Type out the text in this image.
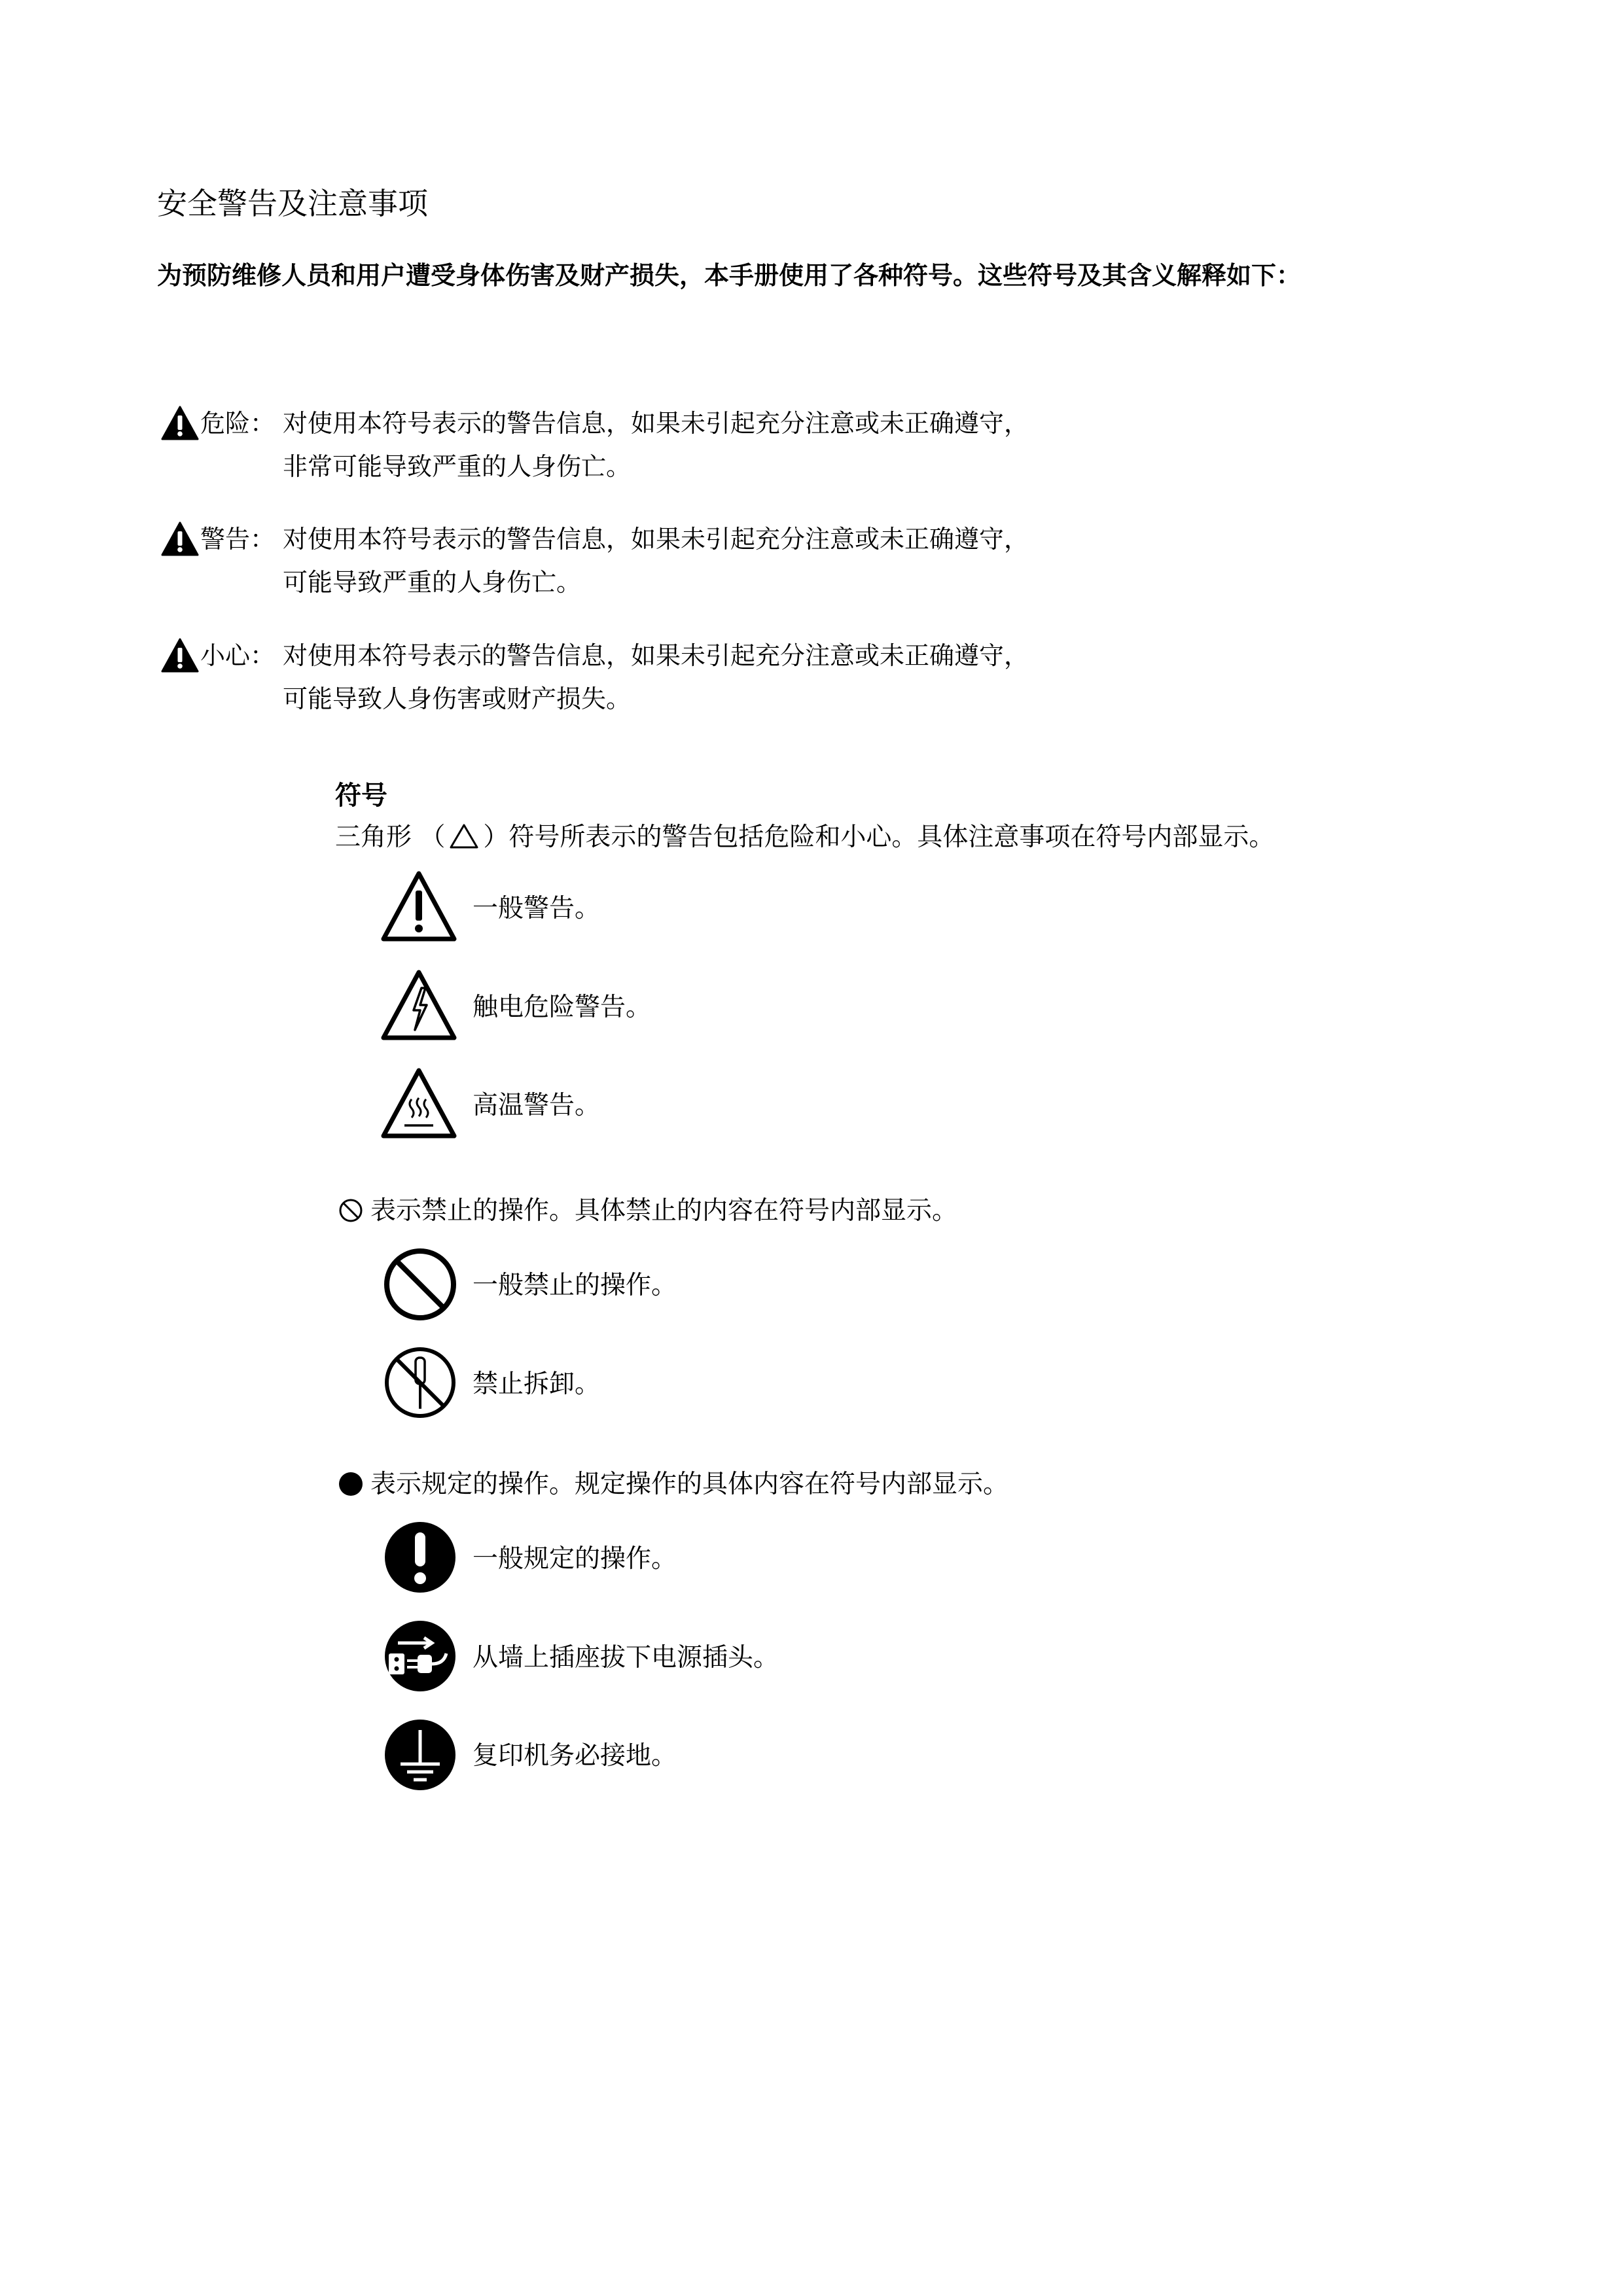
安全警告及注意事项
为预防维修人员和用户遭受身体伤害及财产损失，本手册使用了各种符号。这些符号及其含义解释如下：
危险： 对使用本符号表示的警告信息，如果未引起充分注意或未正确遵守，
非常可能导致严重的人身伤亡。
警告： 对使用本符号表示的警告信息，如果未引起充分注意或未正确遵守，
可能导致严重的人身伤亡。
小心： 对使用本符号表示的警告信息，如果未引起充分注意或未正确遵守，
可能导致人身伤害或财产损失。
符号
三角形 （ ）符号所表示的警告包括危险和小心。具体注意事项在符号内部显示。
一般警告。
触电危险警告。
高温警告。
表示禁止的操作。具体禁止的内容在符号内部显示。
一般禁止的操作。
禁止拆卸。
表示规定的操作。规定操作的具体内容在符号内部显示。
一般规定的操作。
从墙上插座拔下电源插头。
复印机务必接地。
